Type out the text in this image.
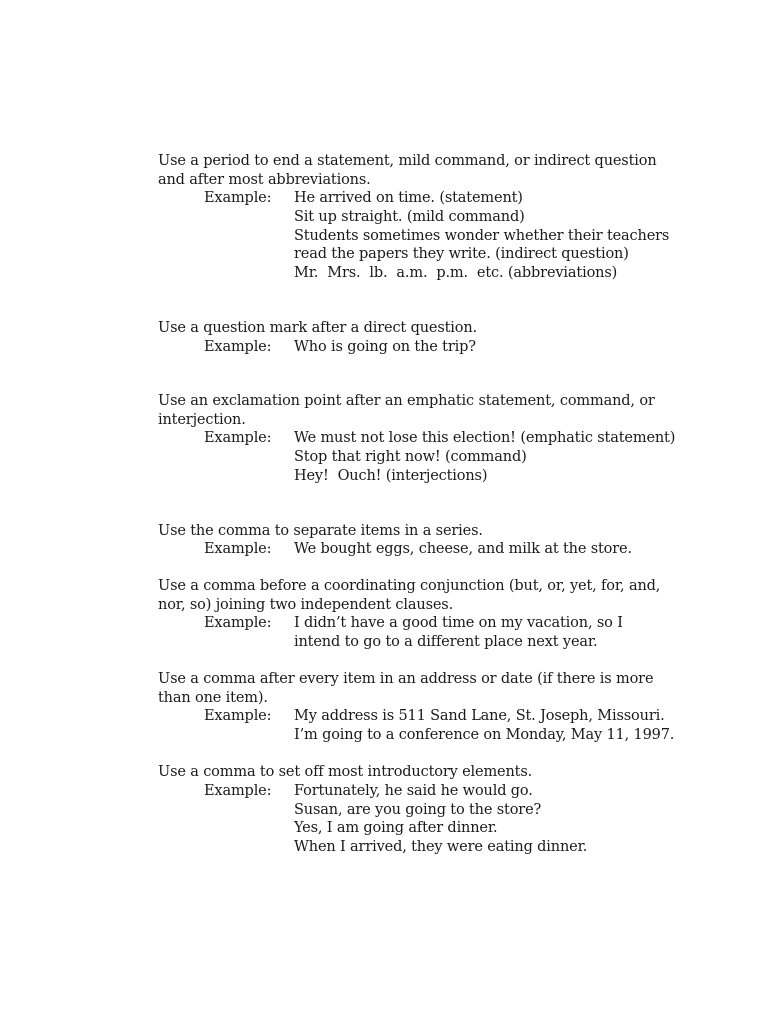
Use a period to end a statement, mild command, or indirect question
and after most abbreviations.
Example: He arrived on time. (statement)
Sit up straight. (mild command)
Students sometimes wonder whether their teachers
read the papers they write. (indirect question)
Mr.  Mrs.  lb.  a.m.  p.m.  etc. (abbreviations)
Use a question mark after a direct question.
Example: Who is going on the trip?
Use an exclamation point after an emphatic statement, command, or
interjection.
Example: We must not lose this election! (emphatic statement)
Stop that right now! (command)
Hey!  Ouch! (interjections)
Use the comma to separate items in a series.
Example: We bought eggs, cheese, and milk at the store.
Use a comma before a coordinating conjunction (but, or, yet, for, and,
nor, so) joining two independent clauses.
Example: I didn’t have a good time on my vacation, so I
intend to go to a different place next year.
Use a comma after every item in an address or date (if there is more
than one item).
Example: My address is 511 Sand Lane, St. Joseph, Missouri.
I’m going to a conference on Monday, May 11, 1997.
Use a comma to set off most introductory elements.
Example: Fortunately, he said he would go.
Susan, are you going to the store?
Yes, I am going after dinner.
When I arrived, they were eating dinner.
